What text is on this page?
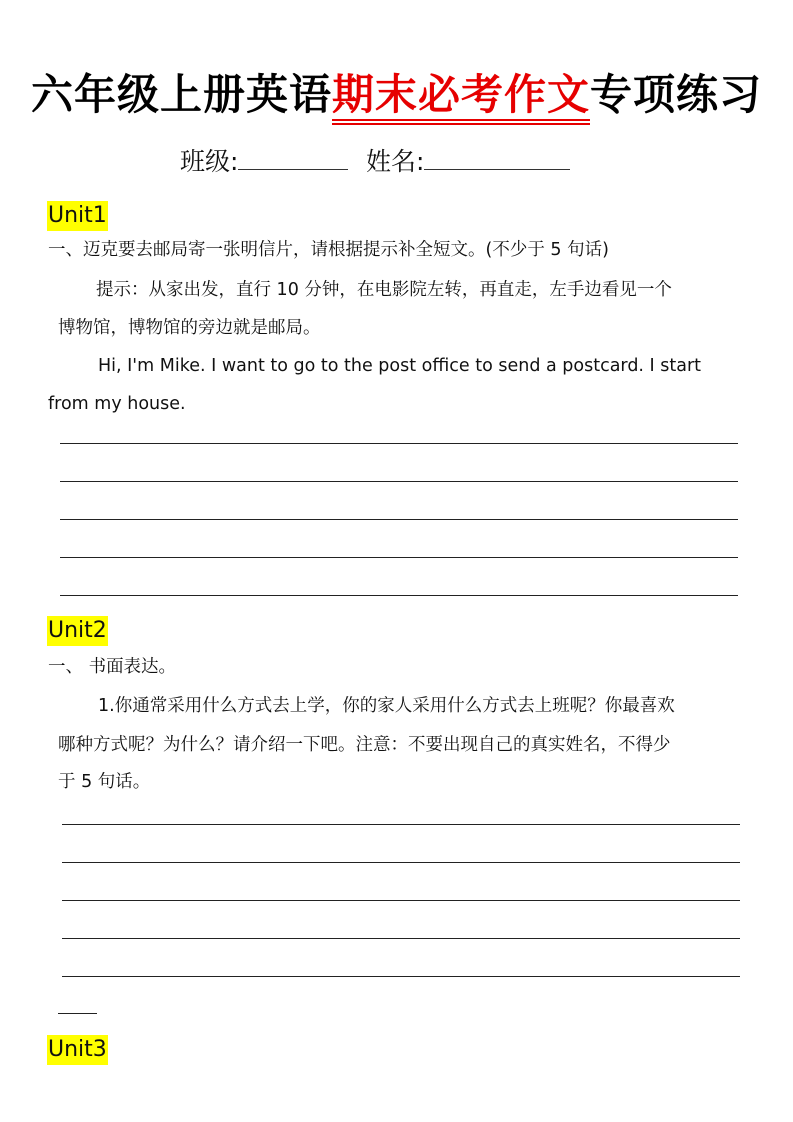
六年级上册英语期末必考作文专项练习
班级:	姓名:
Unit1
一、迈克要去邮局寄一张明信片，请根据提示补全短文。(不少于 5 句话)
提示：从家出发，直行 10 分钟，在电影院左转，再直走，左手边看见一个
博物馆，博物馆的旁边就是邮局。
Hi, I'm Mike. I want to go to the post office to send a postcard. I start
from my house.
Unit2
一、 书面表达。
1.你通常采用什么方式去上学，你的家人采用什么方式去上班呢？你最喜欢
哪种方式呢？为什么？请介绍一下吧。注意：不要出现自己的真实姓名，不得少
于 5 句话。
Unit3
